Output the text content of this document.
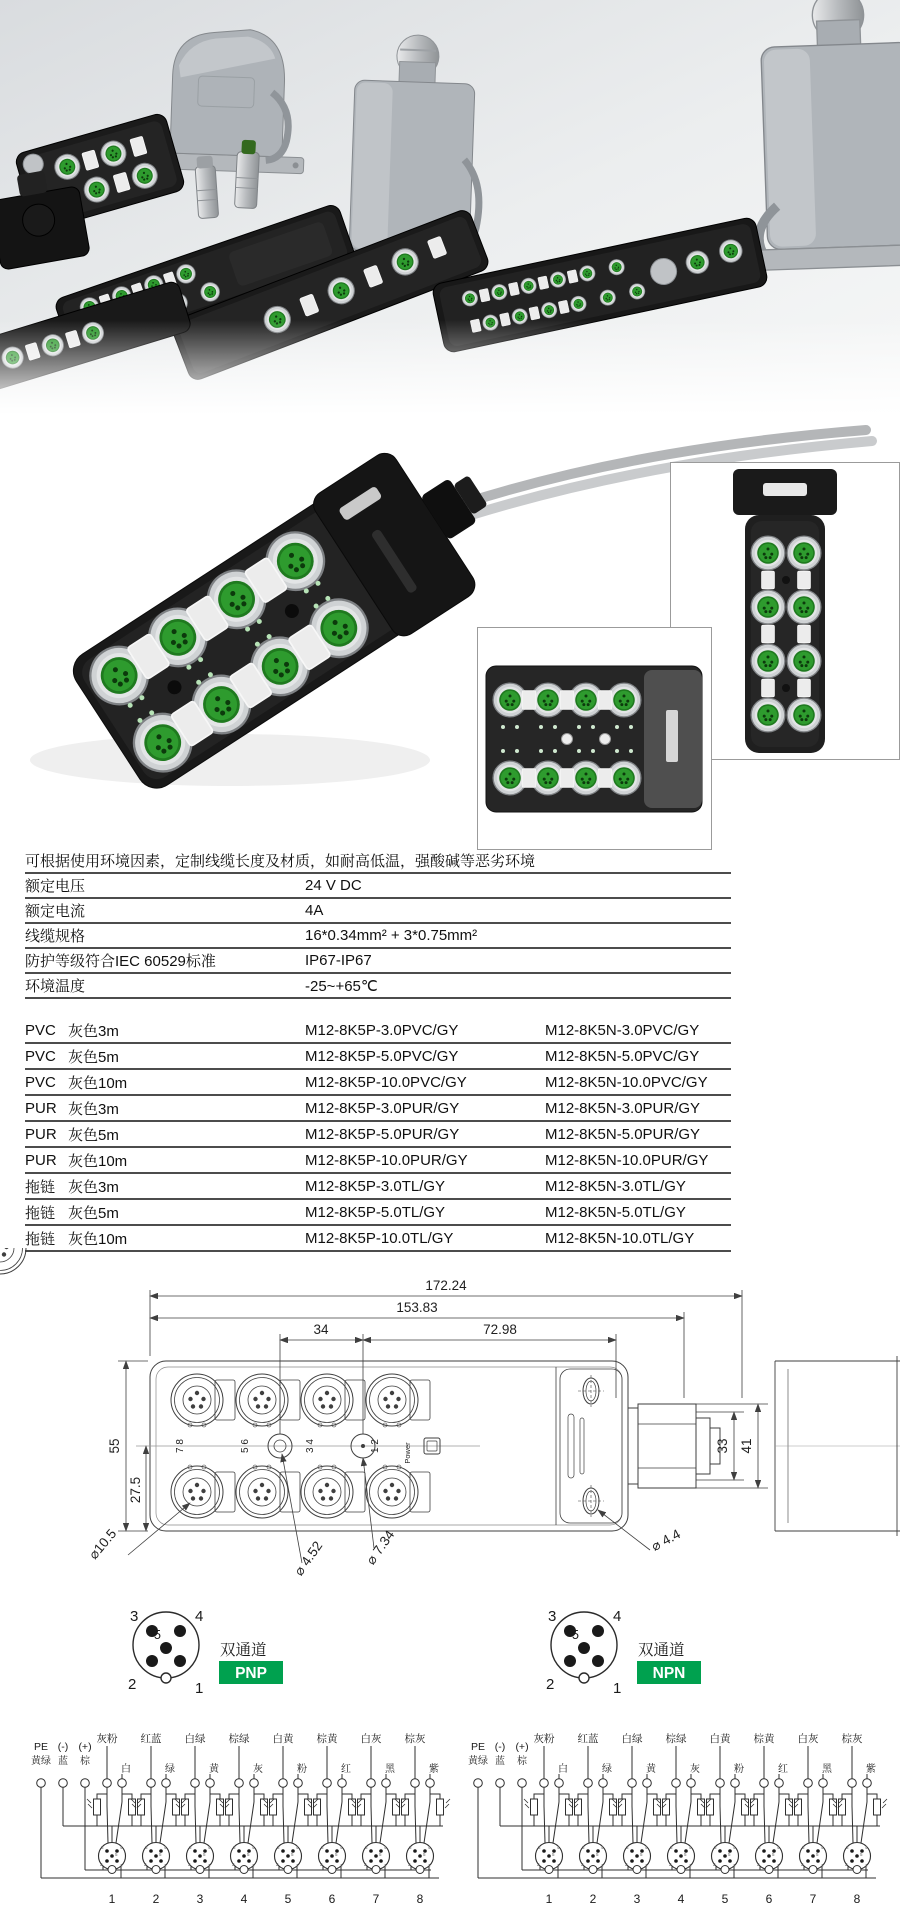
可根据使用环境因素，定制线缆长度及材质，如耐高低温，强酸碱等恶劣环境
额定电压	24 V DC
额定电流	4A
线缆规格	16*0.34mm² + 3*0.75mm²
防护等级符合IEC 60529标准	IP67-IP67
环境温度	-25~+65℃
PVC 灰色3m	M12-8K5P-3.0PVC/GY	M12-8K5N-3.0PVC/GY
PVC 灰色5m	M12-8K5P-5.0PVC/GY	M12-8K5N-5.0PVC/GY
PVC 灰色10m	M12-8K5P-10.0PVC/GY	M12-8K5N-10.0PVC/GY
PUR 灰色3m	M12-8K5P-3.0PUR/GY	M12-8K5N-3.0PUR/GY
PUR 灰色5m	M12-8K5P-5.0PUR/GY	M12-8K5N-5.0PUR/GY
PUR 灰色10m	M12-8K5P-10.0PUR/GY	M12-8K5N-10.0PUR/GY
拖链 灰色3m	M12-8K5P-3.0TL/GY	M12-8K5N-3.0TL/GY
拖链 灰色5m	M12-8K5P-5.0TL/GY	M12-8K5N-5.0TL/GY
拖链 灰色10m	M12-8K5P-10.0TL/GY	M12-8K5N-10.0TL/GY
7 8	5 6	3 4	1 2	Power
172.24
153.83
34	72.98
55
27.5
33 41
⌀10.5	⌀ 4.52	⌀ 7.34	⌀ 4.4
3	4
5
2	1
双通道
PNP
3	4
5
2	1
双通道
NPN
PE
黄绿
(-)
蓝
(+)
棕
灰粉
白
3	4
5
2	1
1
红蓝
绿
3	4
5
2	1
2
白绿
黄
3	4
5
2	1
3
棕绿
灰
3	4
5
2	1
4
白黄
粉
3	4
5
2	1
5
棕黄
红
3	4
5
2	1
6
白灰
黑
3	4
5
2	1
7
棕灰
紫
3	4
5
2	1
8
PE
黄绿
(-)
蓝
(+)
棕
灰粉
白
3	4
5
2	1
1
红蓝
绿
3	4
5
2	1
2
白绿
黄
3	4
5
2	1
3
棕绿
灰
3	4
5
2	1
4
白黄
粉
3	4
5
2	1
5
棕黄
红
3	4
5
2	1
6
白灰
黑
3	4
5
2	1
7
棕灰
紫
3	4
5
2	1
8
